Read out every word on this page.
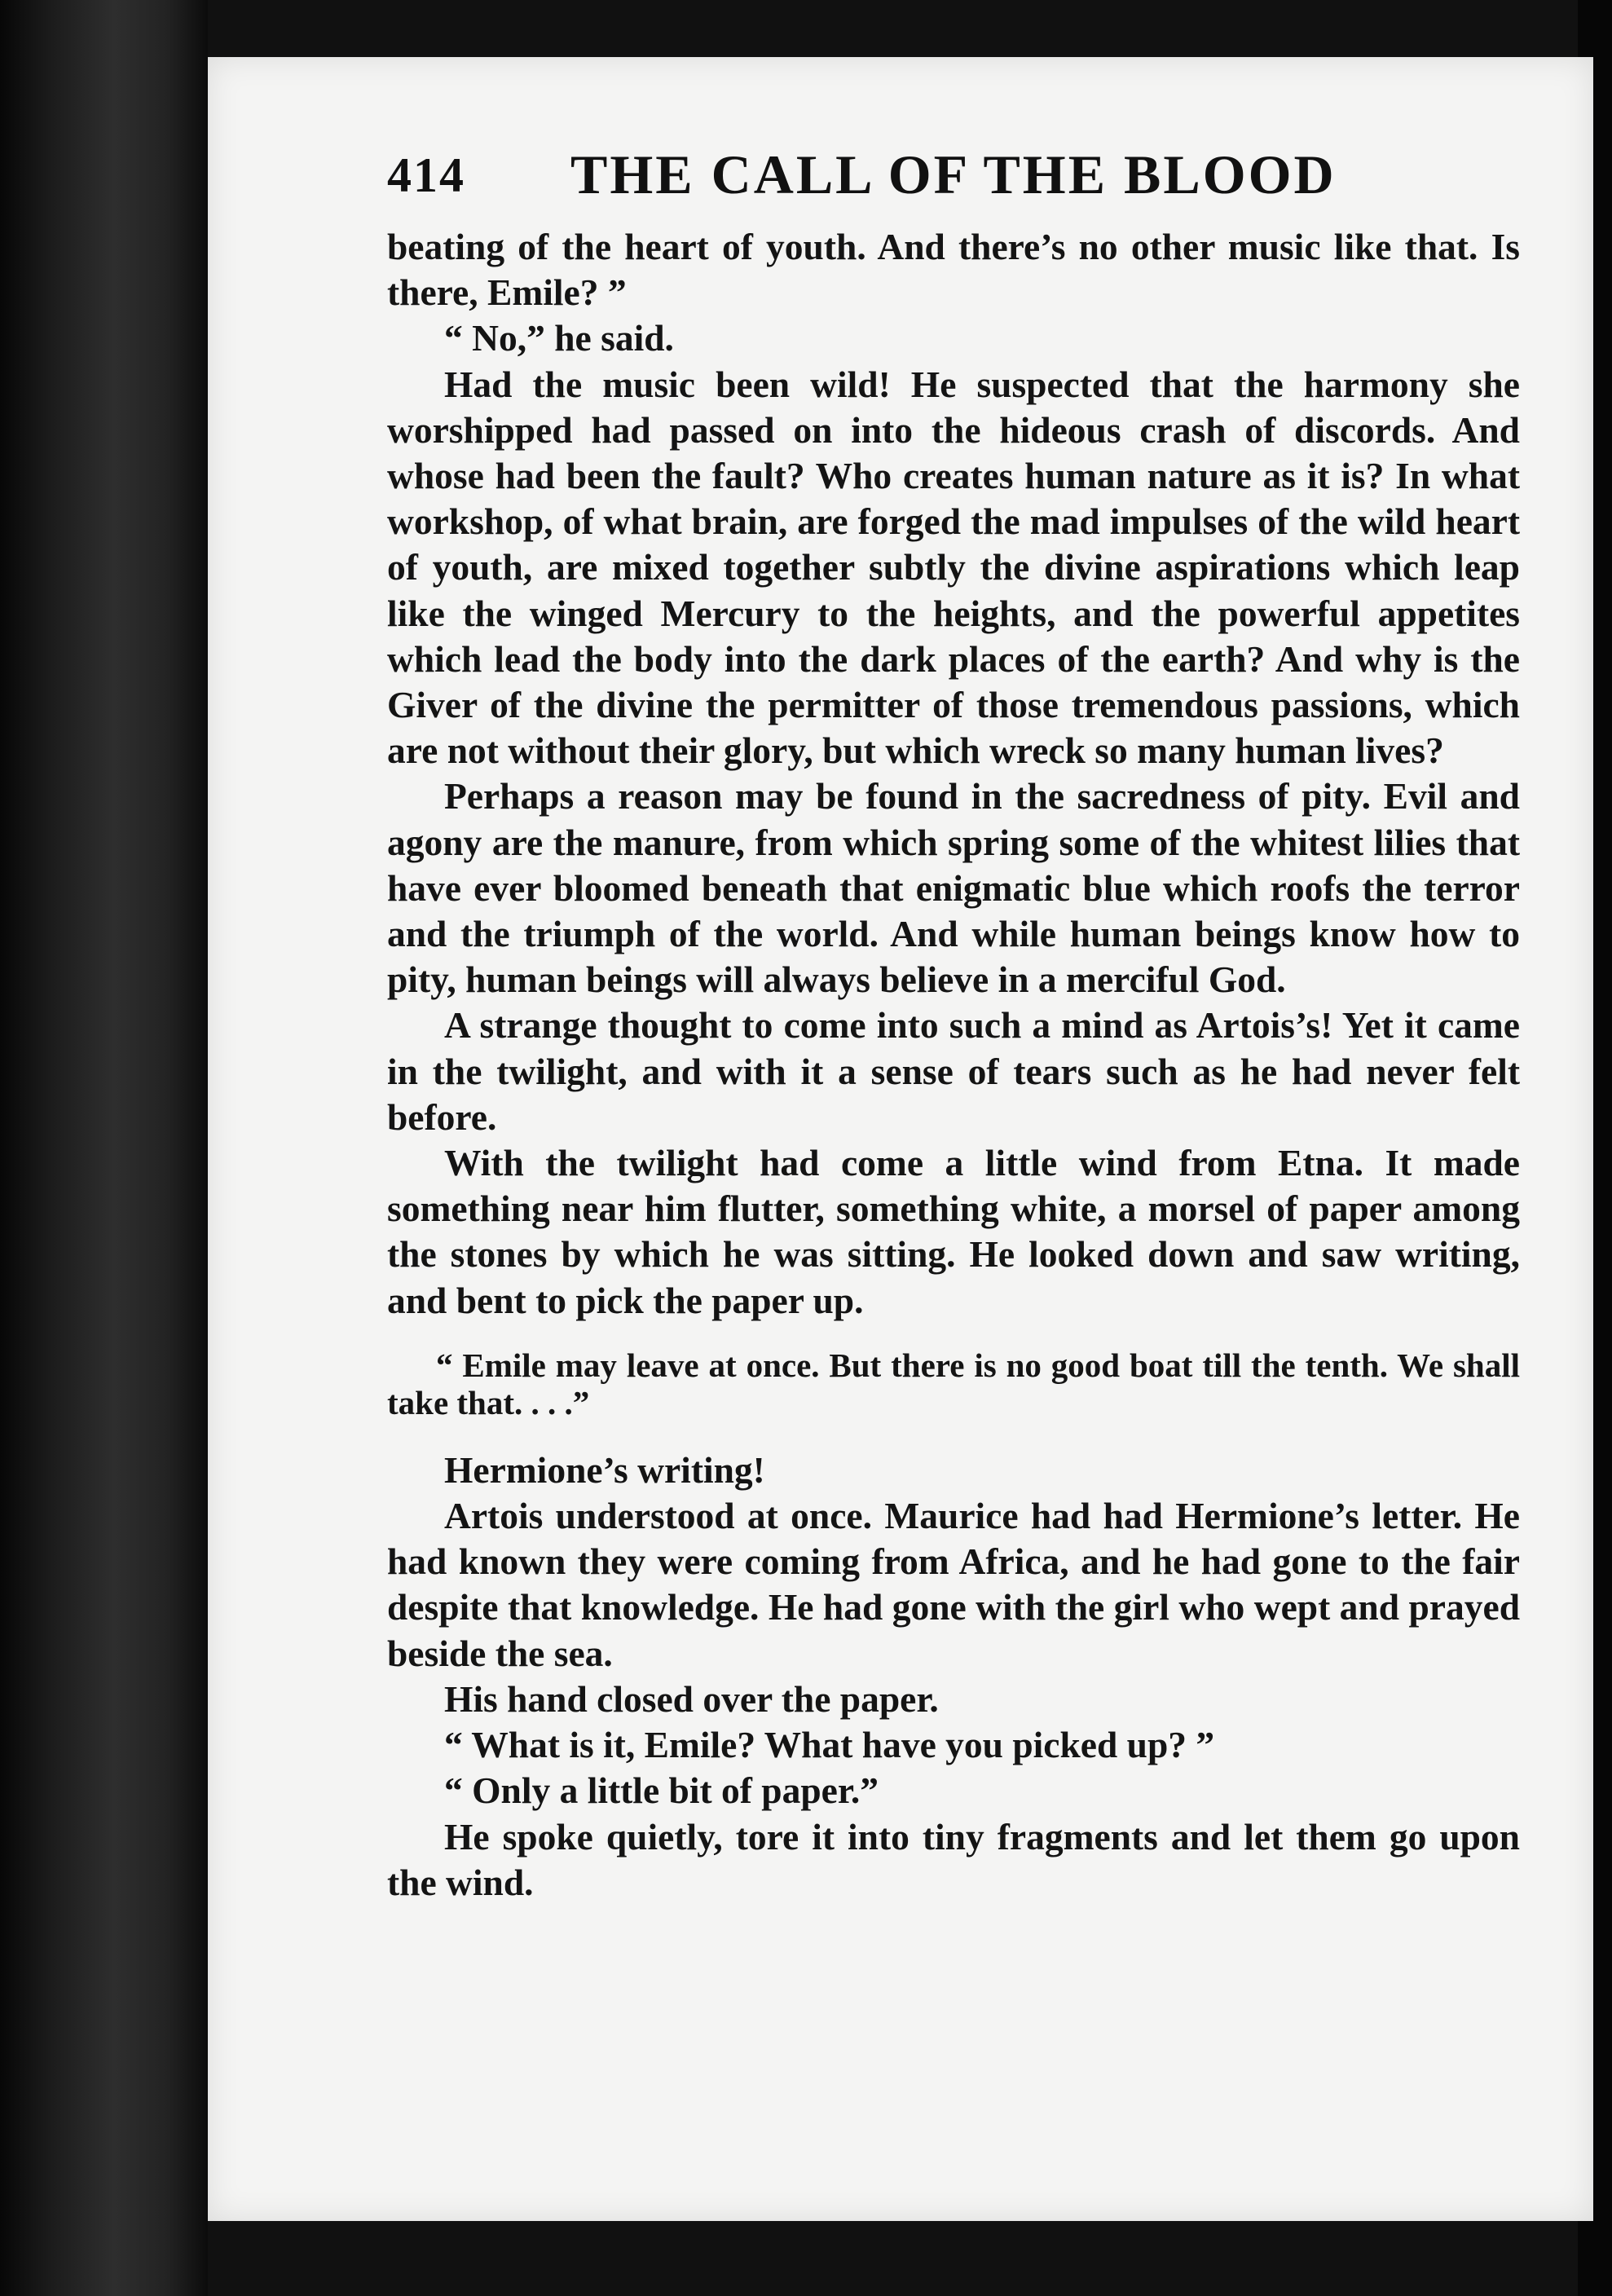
414 THE CALL OF THE BLOOD

beating of the heart of youth. And there’s no other music like that. Is there, Emile? ”

“ No,” he said.

Had the music been wild! He suspected that the harmony she worshipped had passed on into the hideous crash of discords. And whose had been the fault? Who creates human nature as it is? In what workshop, of what brain, are forged the mad impulses of the wild heart of youth, are mixed together subtly the divine aspirations which leap like the winged Mercury to the heights, and the powerful appetites which lead the body into the dark places of the earth? And why is the Giver of the divine the permitter of those tremendous passions, which are not without their glory, but which wreck so many human lives?

Perhaps a reason may be found in the sacredness of pity. Evil and agony are the manure, from which spring some of the whitest lilies that have ever bloomed beneath that enigmatic blue which roofs the terror and the triumph of the world. And while human beings know how to pity, human beings will always believe in a merciful God.

A strange thought to come into such a mind as Artois’s! Yet it came in the twilight, and with it a sense of tears such as he had never felt before.

With the twilight had come a little wind from Etna. It made something near him flutter, something white, a morsel of paper among the stones by which he was sitting. He looked down and saw writing, and bent to pick the paper up.

“ Emile may leave at once. But there is no good boat till the tenth. We shall take that. . . .”

Hermione’s writing!

Artois understood at once. Maurice had had Hermione’s letter. He had known they were coming from Africa, and he had gone to the fair despite that knowledge. He had gone with the girl who wept and prayed beside the sea.

His hand closed over the paper.

“ What is it, Emile? What have you picked up? ”

“ Only a little bit of paper.”

He spoke quietly, tore it into tiny fragments and let them go upon the wind.
